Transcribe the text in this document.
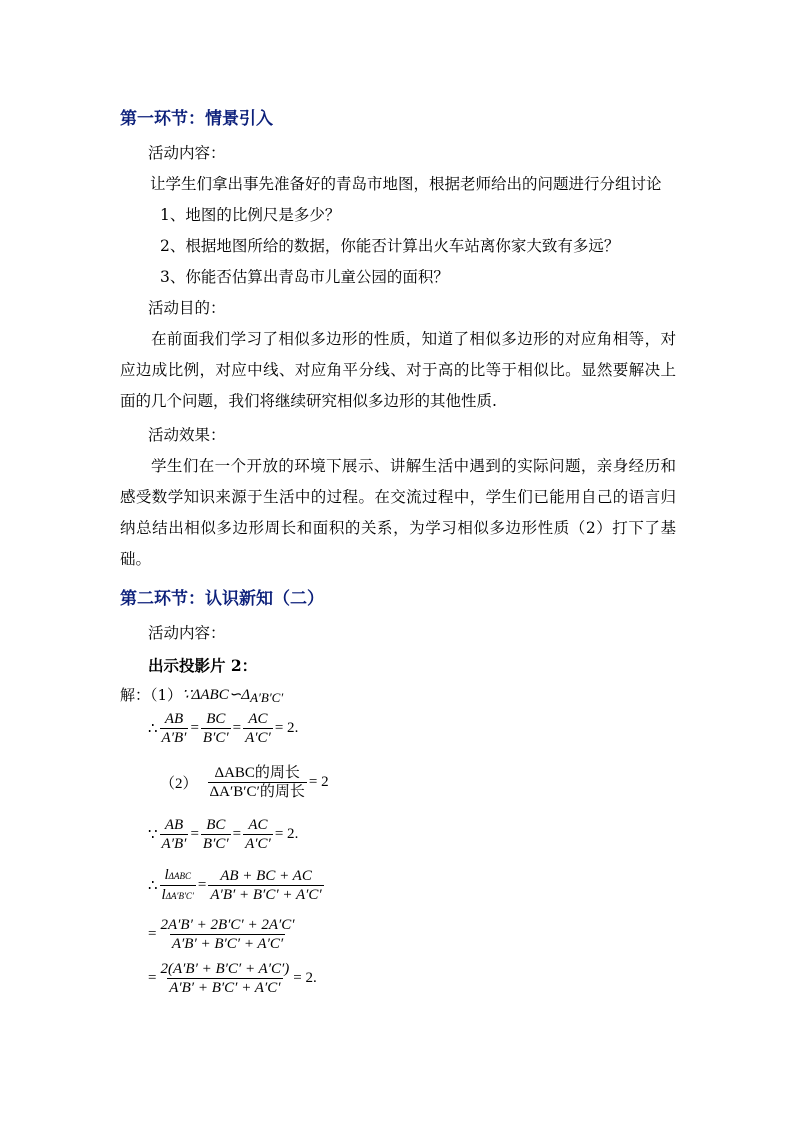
第一环节：情景引入
活动内容：
让学生们拿出事先准备好的青岛市地图，根据老师给出的问题进行分组讨论
1、地图的比例尺是多少？
2、根据地图所给的数据，你能否计算出火车站离你家大致有多远？
3、你能否估算出青岛市儿童公园的面积？
活动目的：
在前面我们学习了相似多边形的性质，知道了相似多边形的对应角相等，对应边成比例，对应中线、对应角平分线、对于高的比等于相似比。显然要解决上面的几个问题，我们将继续研究相似多边形的其他性质.
活动效果：
学生们在一个开放的环境下展示、讲解生活中遇到的实际问题，亲身经历和感受数学知识来源于生活中的过程。在交流过程中，学生们已能用自己的语言归纳总结出相似多边形周长和面积的关系，为学习相似多边形性质（2）打下了基础。
第二环节：认识新知（二）
活动内容：
出示投影片 2：
解：（1） ∵ΔABC∽Δ A′B′C′
∴ $\frac{AB}{A'B'} = \frac{BC}{B'C'} = \frac{AC}{A'C'} = 2$ .
$(2) \frac{\text{ΔABC的周长}}{\text{ΔA′B′C′的周长}} = 2$
∵ $\frac{AB}{A'B'} = \frac{BC}{B'C'} = \frac{AC}{A'C'} = 2$ .
∴ $\frac{\text{lΔABC}}{\text{lΔA′B′C′}} = \frac{AB + BC + AC}{A'B' + B'C' + A'C'}$
= $\frac{2A'B' + 2B'C' + 2A'C'}{A'B' + B'C' + A'C'}$
= $\frac{2(A'B' + B'C' + A'C')}{A'B' + B'C' + A'C'} = 2$ .
